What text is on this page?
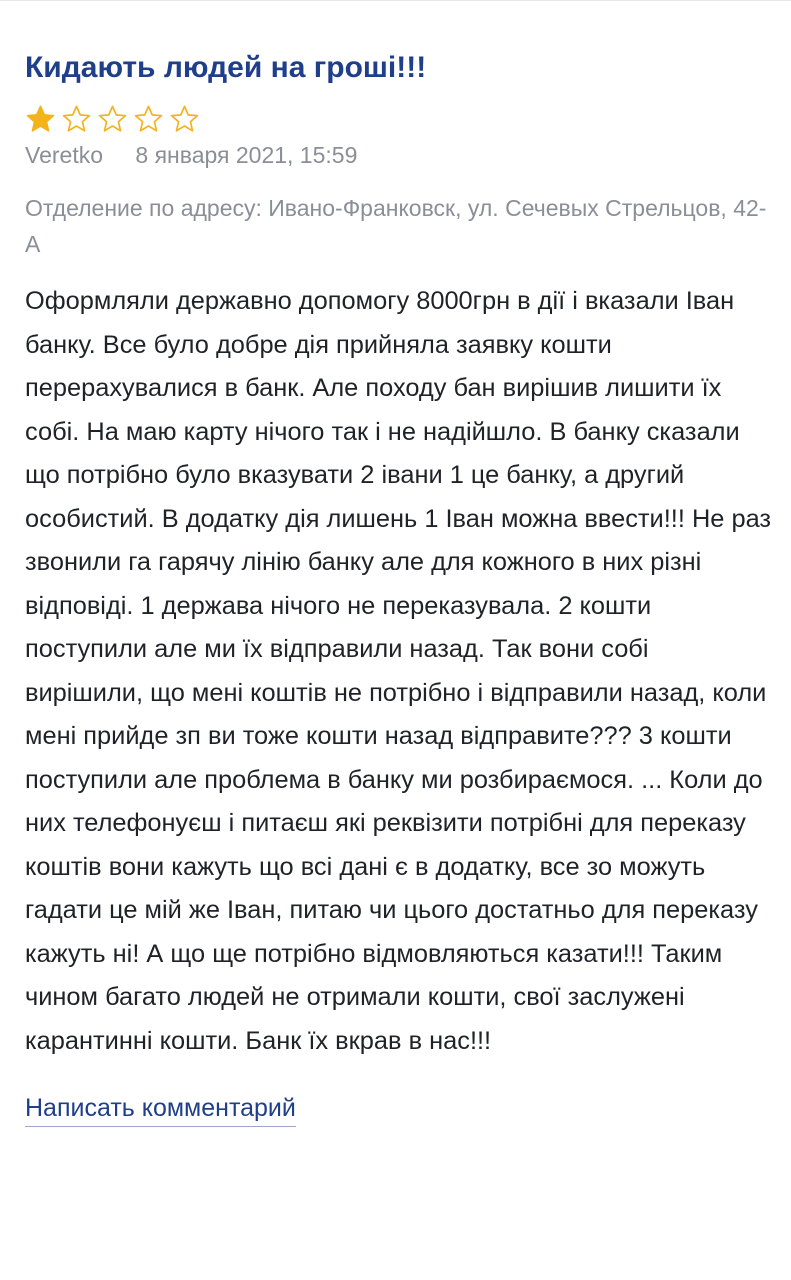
Кидають людей на гроші!!!
Veretko 8 января 2021, 15:59
Отделение по адресу: Ивано-Франковск, ул. Сечевых Стрельцов, 42-А
Оформляли державно допомогу 8000грн в дії і вказали Іван банку. Все було добре дія прийняла заявку кошти перерахувалися в банк. Але походу бан вирішив лишити їх собі. На маю карту нічого так і не надійшло. В банку сказали що потрібно було вказувати 2 івани 1 це банку, а другий особистий. В додатку дія лишень 1 Іван можна ввести!!! Не раз звонили га гарячу лінію банку але для кожного в них різні відповіді. 1 держава нічого не переказувала. 2 кошти поступили але ми їх відправили назад. Так вони собі вирішили, що мені коштів не потрібно і відправили назад, коли мені прийде зп ви тоже кошти назад відправите??? 3 кошти поступили але проблема в банку ми розбираємося. ... Коли до них телефонуєш і питаєш які реквізити потрібні для переказу коштів вони кажуть що всі дані є в додатку, все зо можуть гадати це мій же Іван, питаю чи цього достатньо для переказу кажуть ні! А що ще потрібно відмовляються казати!!! Таким чином багато людей не отримали кошти, свої заслужені карантинні кошти. Банк їх вкрав в нас!!!
Написать комментарий
